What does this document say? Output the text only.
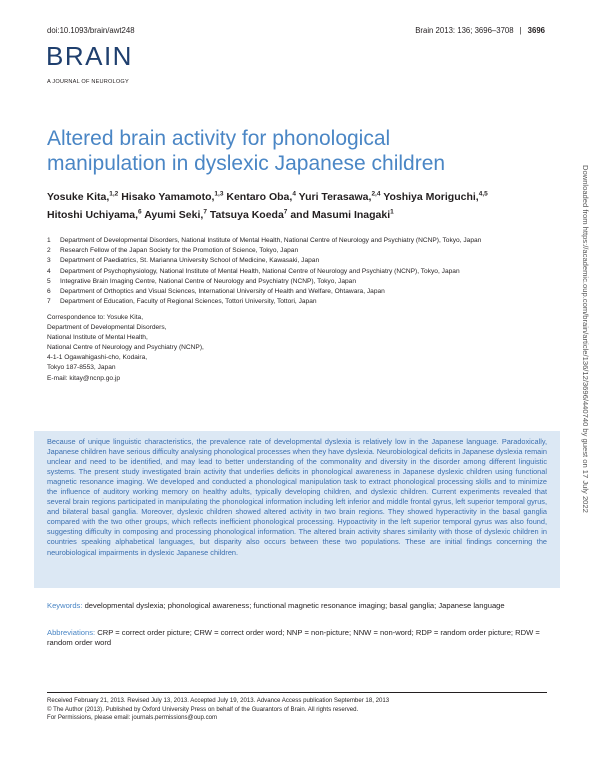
doi:10.1093/brain/awt248	Brain 2013: 136; 3696–3708 | 3696
BRAIN
A JOURNAL OF NEUROLOGY
Altered brain activity for phonological manipulation in dyslexic Japanese children

Yosuke Kita,$^{1,2}$ Hisako Yamamoto,$^{1,3}$ Kentaro Oba,$^4$ Yuri Terasawa,$^{2,4}$ Yoshiya Moriguchi,$^{4,5}$
Hitoshi Uchiyama,$^6$ Ayumi Seki,$^7$ Tatsuya Koeda$^7$ and Masumi Inagaki$^1$

1	Department of Developmental Disorders, National Institute of Mental Health, National Centre of Neurology and Psychiatry (NCNP), Tokyo, Japan
2	Research Fellow of the Japan Society for the Promotion of Science, Tokyo, Japan
3	Department of Paediatrics, St. Marianna University School of Medicine, Kawasaki, Japan
4	Department of Psychophysiology, National Institute of Mental Health, National Centre of Neurology and Psychiatry (NCNP), Tokyo, Japan
5	Integrative Brain Imaging Centre, National Centre of Neurology and Psychiatry (NCNP), Tokyo, Japan
6	Department of Orthoptics and Visual Sciences, International University of Health and Welfare, Ohtawara, Japan
7	Department of Education, Faculty of Regional Sciences, Tottori University, Tottori, Japan
Correspondence to: Yosuke Kita,
Department of Developmental Disorders,
National Institute of Mental Health,
National Centre of Neurology and Psychiatry (NCNP),
4-1-1 Ogawahigashi-cho, Kodaira,
Tokyo 187-8553, Japan
E-mail: kitay@ncnp.go.jp

Because of unique linguistic characteristics, the prevalence rate of developmental dyslexia is relatively low in the Japanese language. Paradoxically, Japanese children have serious difficulty analysing phonological processes when they have dyslexia. Neurobiological deficits in Japanese dyslexia remain unclear and need to be identified, and may lead to better understanding of the commonality and diversity in the disorder among different linguistic systems. The present study investigated brain activity that underlies deficits in phonological awareness in Japanese dyslexic children using functional magnetic resonance imaging. We developed and conducted a phonological manipulation task to extract phonological processing skills and to minimize the influence of auditory working memory on healthy adults, typically developing children, and dyslexic children. Current experiments revealed that several brain regions participated in manipulating the phonological information including left inferior and middle frontal gyrus, left superior temporal gyrus, and bilateral basal ganglia. Moreover, dyslexic children showed altered activity in two brain regions. They showed hyperactivity in the basal ganglia compared with the two other groups, which reflects inefficient phonological processing. Hypoactivity in the left superior temporal gyrus was also found, suggesting difficulty in composing and processing phonological information. The altered brain activity shares similarity with those of dyslexic children in countries speaking alphabetical languages, but disparity also occurs between these two populations. These are initial findings concerning the neurobiological impairments in dyslexic Japanese children.

Keywords: developmental dyslexia; phonological awareness; functional magnetic resonance imaging; basal ganglia; Japanese language

Abbreviations: CRP = correct order picture; CRW = correct order word; NNP = non-picture; NNW = non-word; RDP = random order picture; RDW = random order word

Received February 21, 2013. Revised July 13, 2013. Accepted July 19, 2013. Advance Access publication September 18, 2013
© The Author (2013). Published by Oxford University Press on behalf of the Guarantors of Brain. All rights reserved.
For Permissions, please email: journals.permissions@oup.com
Downloaded from https://academic.oup.com/brain/article/136/12/3696/440740 by guest on 17 July 2022
